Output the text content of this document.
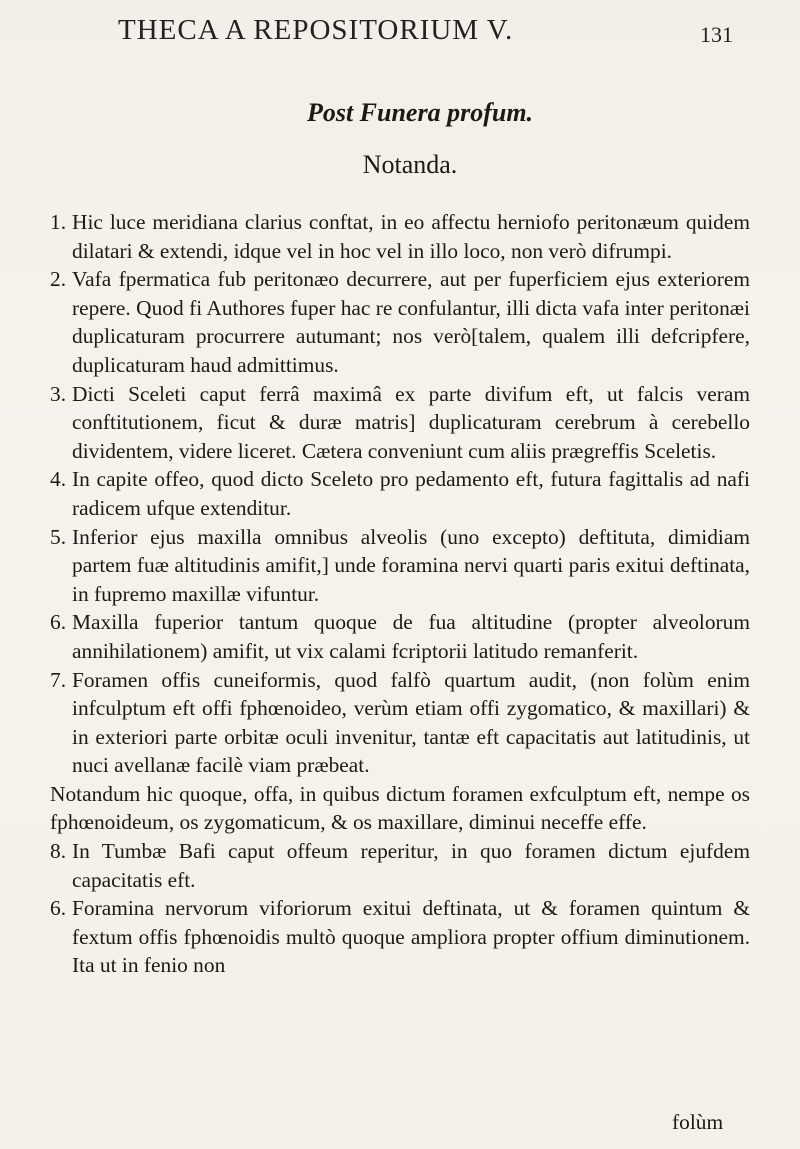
THECA A REPOSITORIUM V.	131
Post Funera profum.
Notanda.
1. Hic luce meridiana clarius conftat, in eo affectu herniofo peritonæum quidem dilatari & extendi, idque vel in hoc vel in illo loco, non verò difrumpi.
2. Vafa fpermatica fub peritonæo decurrere, aut per fuperficiem ejus exteriorem repere. Quod fi Authores fuper hac re confulantur, illi dicta vafa inter peritonæi duplicaturam procurrere autumant; nos verò[talem, qualem illi defcripfere, duplicaturam haud admittimus.
3. Dicti Sceleti caput ferrâ maximâ ex parte divifum eft, ut falcis veram conftitutionem, ficut & duræ matris] duplicaturam cerebrum à cerebello dividentem, videre liceret. Cætera conveniunt cum aliis prægreffis Sceletis.
4. In capite offeo, quod dicto Sceleto pro pedamento eft, futura fagittalis ad nafi radicem ufque extenditur.
5. Inferior ejus maxilla omnibus alveolis (uno excepto) deftituta, dimidiam partem fuæ altitudinis amifit,] unde foramina nervi quarti paris exitui deftinata, in fupremo maxillæ vifuntur.
6. Maxilla fuperior tantum quoque de fua altitudine (propter alveolorum annihilationem) amifit, ut vix calami fcriptorii latitudo remanferit.
7. Foramen offis cuneiformis, quod falfò quartum audit, (non folùm enim infculptum eft offi fphœnoideo, verùm etiam offi zygomatico, & maxillari) & in exteriori parte orbitæ oculi invenitur, tantæ eft capacitatis aut latitudinis, ut nuci avellanæ facilè viam præbeat.

Notandum hic quoque, offa, in quibus dictum foramen exfculptum eft, nempe os fphœnoideum, os zygomaticum, & os maxillare, diminui neceffe effe.

8. In Tumbæ Bafi caput offeum reperitur, in quo foramen dictum ejufdem capacitatis eft.
6. Foramina nervorum viforiorum exitui deftinata, ut & foramen quintum & fextum offis fphœnoidis multò quoque ampliora propter offium diminutionem. Ita ut in fenio non
folùm
